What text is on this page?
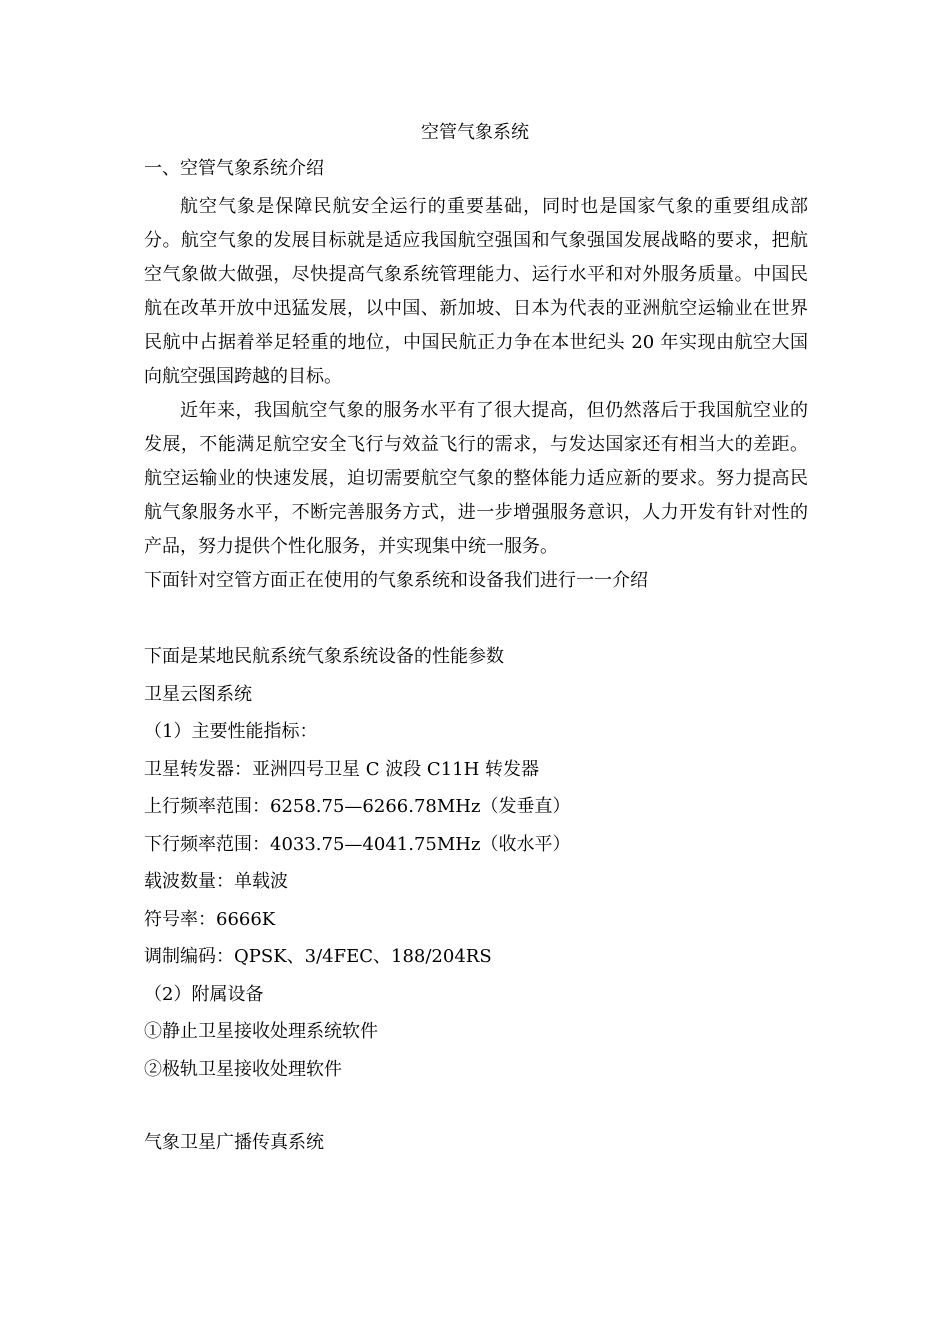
空管气象系统

一、空管气象系统介绍

航空气象是保障民航安全运行的重要基础，同时也是国家气象的重要组成部分。航空气象的发展目标就是适应我国航空强国和气象强国发展战略的要求，把航空气象做大做强，尽快提高气象系统管理能力、运行水平和对外服务质量。中国民航在改革开放中迅猛发展，以中国、新加坡、日本为代表的亚洲航空运输业在世界民航中占据着举足轻重的地位，中国民航正力争在本世纪头 20 年实现由航空大国向航空强国跨越的目标。

近年来，我国航空气象的服务水平有了很大提高，但仍然落后于我国航空业的发展，不能满足航空安全飞行与效益飞行的需求，与发达国家还有相当大的差距。航空运输业的快速发展，迫切需要航空气象的整体能力适应新的要求。努力提高民航气象服务水平，不断完善服务方式，进一步增强服务意识，人力开发有针对性的产品，努力提供个性化服务，并实现集中统一服务。

下面针对空管方面正在使用的气象系统和设备我们进行一一介绍

下面是某地民航系统气象系统设备的性能参数

卫星云图系统

（1）主要性能指标：

卫星转发器：亚洲四号卫星 C 波段 C11H 转发器

上行频率范围：6258.75—6266.78MHz（发垂直）

下行频率范围：4033.75—4041.75MHz（收水平）

载波数量：单载波

符号率：6666K

调制编码：QPSK、3/4FEC、188/204RS

（2）附属设备

①静止卫星接收处理系统软件

②极轨卫星接收处理软件

气象卫星广播传真系统
